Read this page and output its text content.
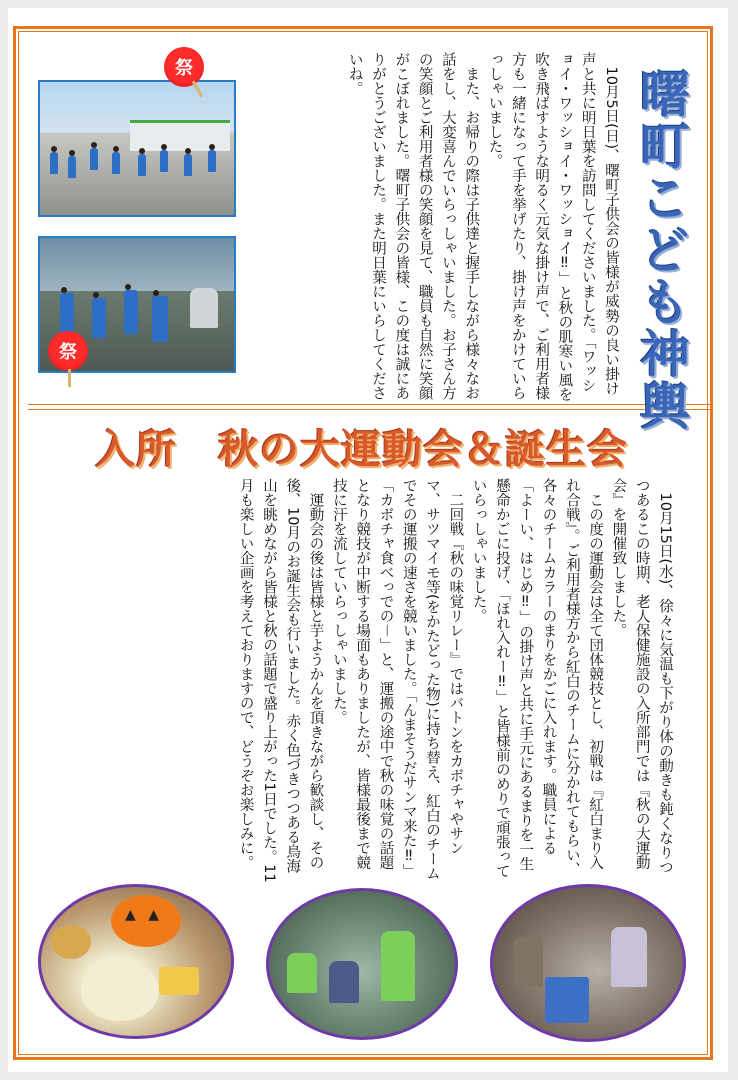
曙町こども神輿
　10月5日(日)、曙町子供会の皆様が威勢の良い掛け声と共に明日葉を訪問してくださいました。「ワッショイ・ワッショイ・ワッショイ‼」と秋の肌寒い風を吹き飛ばすような明るく元気な掛け声で、ご利用者様方も一緒になって手を挙げたり、掛け声をかけていらっしゃいました。
　また、お帰りの際は子供達と握手しながら様々なお話をし、大変喜んでいらっしゃいました。お子さん方の笑顔とご利用者様の笑顔を見て、職員も自然に笑顔がこぼれました。曙町子供会の皆様、この度は誠にありがとうございました。また明日葉にいらしてくださいね。
祭
祭
入所　秋の大運動会＆誕生会
　10月15日(水)、徐々に気温も下がり体の動きも鈍くなりつつあるこの時期、老人保健施設の入所部門では『秋の大運動会』を開催致しました。
　この度の運動会は全て団体競技とし、初戦は『紅白まり入れ合戦』。ご利用者様方から紅白のチームに分かれてもらい、各々のチームカラーのまりをかごに入れます。職員による「よーい、はじめ‼」の掛け声と共に手元にあるまりを一生懸命かごに投げ、「ほれ入れー‼」と皆様前のめりで頑張っていらっしゃいました。
　二回戦『秋の味覚リレー』ではバトンをカボチャやサンマ、サツマイモ等(をかたどった物)に持ち替え、紅白のチームでその運搬の速さを競いました。「んまそうだサンマ来た‼」「カボチャ食べっでの－」と、運搬の途中で秋の味覚の話題となり競技が中断する場面もありましたが、皆様最後まで競技に汗を流していらっしゃいました。
　運動会の後は皆様と芋ようかんを頂きながら歓談し、その後、10月のお誕生会も行いました。赤く色づきつつある鳥海山を眺めながら皆様と秋の話題で盛り上がった1日でした。11月も楽しい企画を考えておりますので、どうぞお楽しみに。
▲ ▲
